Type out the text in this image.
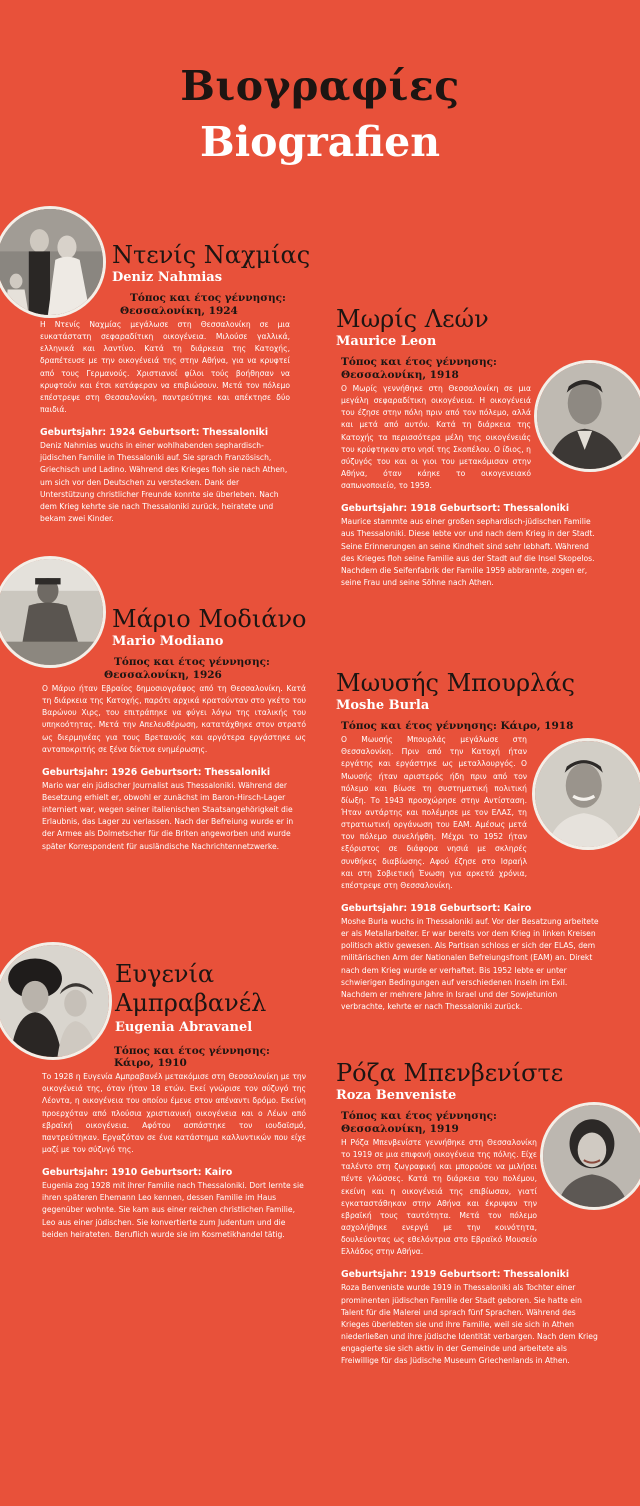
Βιογραφίες
Biografien
Ντενίς Ναχμίας
Deniz Nahmias
Τόπος και έτος γέννησης:
Θεσσαλονίκη, 1924

Η Ντενίς Ναχμίας μεγάλωσε στη Θεσσαλονίκη σε μια ευκατάστατη σεφαραδίτικη οικογένεια. Μιλούσε γαλλικά, ελληνικά και λαντίνο. Κατά τη διάρκεια της Κατοχής, δραπέτευσε με την οικογένειά της στην Αθήνα, για να κρυφτεί από τους Γερμανούς. Χριστιανοί φίλοι τούς βοήθησαν να κρυφτούν και έτσι κατάφεραν να επιβιώσουν. Μετά τον πόλεμο επέστρεψε στη Θεσσαλονίκη, παντρεύτηκε και απέκτησε δύο παιδιά.

Geburtsjahr: 1924 Geburtsort: Thessaloniki

Deniz Nahmias wuchs in einer wohlhabenden sephardisch-jüdischen Familie in Thessaloniki auf. Sie sprach Französisch, Griechisch und Ladino. Während des Krieges floh sie nach Athen, um sich vor den Deutschen zu verstecken. Dank der Unterstützung christlicher Freunde konnte sie überleben. Nach dem Krieg kehrte sie nach Thessaloniki zurück, heiratete und bekam zwei Kinder.

Μωρίς Λεών
Maurice Leon
Τόπος και έτος γέννησης:
Θεσσαλονίκη, 1918

Ο Μωρίς γεννήθηκε στη Θεσσαλονίκη σε μια μεγάλη σεφαραδίτικη οικογένεια. Η οικογένειά του έζησε στην πόλη πριν από τον πόλεμο, αλλά και μετά από αυτόν. Κατά τη διάρκεια της Κατοχής τα περισσότερα μέλη της οικογένειάς του κρύφτηκαν στο νησί της Σκοπέλου. Ο ίδιος, η σύζυγός του και οι γιοι του μετακόμισαν στην Αθήνα, όταν κάηκε το οικογενειακό σαπωνοποιείο, το 1959.

Geburtsjahr: 1918 Geburtsort: Thessaloniki

Maurice stammte aus einer großen sephardisch-jüdischen Familie aus Thessaloniki. Diese lebte vor und nach dem Krieg in der Stadt. Seine Erinnerungen an seine Kindheit sind sehr lebhaft. Während des Krieges floh seine Familie aus der Stadt auf die Insel Skopelos. Nachdem die Seifenfabrik der Familie 1959 abbrannte, zogen er, seine Frau und seine Söhne nach Athen.

Μάριο Μοδιάνο
Mario Modiano
Τόπος και έτος γέννησης:
Θεσσαλονίκη, 1926

Ο Μάριο ήταν Εβραίος δημοσιογράφος από τη Θεσσαλονίκη. Κατά τη διάρκεια της Κατοχής, παρότι αρχικά κρατούνταν στο γκέτο του Βαρώνου Χιρς, του επιτράπηκε να φύγει λόγω της ιταλικής του υπηκοότητας. Μετά την Απελευθέρωση, κατατάχθηκε στον στρατό ως διερμηνέας για τους Βρετανούς και αργότερα εργάστηκε ως ανταποκριτής σε ξένα δίκτυα ενημέρωσης.

Geburtsjahr: 1926 Geburtsort: Thessaloniki

Mario war ein jüdischer Journalist aus Thessaloniki. Während der Besetzung erhielt er, obwohl er zunächst im Baron-Hirsch-Lager interniert war, wegen seiner italienischen Staatsangehörigkeit die Erlaubnis, das Lager zu verlassen. Nach der Befreiung wurde er in der Armee als Dolmetscher für die Briten angeworben und wurde später Korrespondent für ausländische Nachrichtennetzwerke.

Μωυσής Μπουρλάς
Moshe Burla
Τόπος και έτος γέννησης: Κάιρο, 1918

Ο Μωυσής Μπουρλάς μεγάλωσε στη Θεσσαλονίκη. Πριν από την Κατοχή ήταν εργάτης και εργάστηκε ως μεταλλουργός. Ο Μωυσής ήταν αριστερός ήδη πριν από τον πόλεμο και βίωσε τη συστηματική πολιτική δίωξη. Το 1943 προσχώρησε στην Αντίσταση. Ήταν αντάρτης και πολέμησε με τον ΕΛΑΣ, τη στρατιωτική οργάνωση του ΕΑΜ. Αμέσως μετά τον πόλεμο συνελήφθη. Μέχρι το 1952 ήταν εξόριστος σε διάφορα νησιά με σκληρές συνθήκες διαβίωσης. Αφού έζησε στο Ισραήλ και στη Σοβιετική Ένωση για αρκετά χρόνια, επέστρεψε στη Θεσσαλονίκη.

Geburtsjahr: 1918 Geburtsort: Kairo

Moshe Burla wuchs in Thessaloniki auf. Vor der Besatzung arbeitete er als Metallarbeiter. Er war bereits vor dem Krieg in linken Kreisen politisch aktiv gewesen. Als Partisan schloss er sich der ELAS, dem militärischen Arm der Nationalen Befreiungsfront (EAM) an. Direkt nach dem Krieg wurde er verhaftet. Bis 1952 lebte er unter schwierigen Bedingungen auf verschiedenen Inseln im Exil. Nachdem er mehrere Jahre in Israel und der Sowjetunion verbrachte, kehrte er nach Thessaloniki zurück.

Ευγενία Αμπραβανέλ
Eugenia Abravanel
Τόπος και έτος γέννησης: Κάιρο, 1910

Το 1928 η Ευγενία Αμπραβανέλ μετακόμισε στη Θεσσαλονίκη με την οικογένειά της, όταν ήταν 18 ετών. Εκεί γνώρισε τον σύζυγό της Λέοντα, η οικογένεια του οποίου έμενε στον απέναντι δρόμο. Εκείνη προερχόταν από πλούσια χριστιανική οικογένεια και ο Λέων από εβραϊκή οικογένεια. Αφότου ασπάστηκε τον ιουδαϊσμό, παντρεύτηκαν. Εργαζόταν σε ένα κατάστημα καλλυντικών που είχε μαζί με τον σύζυγό της.

Geburtsjahr: 1910 Geburtsort: Kairo

Eugenia zog 1928 mit ihrer Familie nach Thessaloniki. Dort lernte sie ihren späteren Ehemann Leo kennen, dessen Familie im Haus gegenüber wohnte. Sie kam aus einer reichen christlichen Familie, Leo aus einer jüdischen. Sie konvertierte zum Judentum und die beiden heirateten. Beruflich wurde sie im Kosmetikhandel tätig.

Ρόζα Μπενβενίστε
Roza Benveniste
Τόπος και έτος γέννησης:
Θεσσαλονίκη, 1919

Η Ρόζα Μπενβενίστε γεννήθηκε στη Θεσσαλονίκη το 1919 σε μια επιφανή οικογένεια της πόλης. Είχε ταλέντο στη ζωγραφική και μπορούσε να μιλήσει πέντε γλώσσες. Κατά τη διάρκεια του πολέμου, εκείνη και η οικογένειά της επιβίωσαν, γιατί εγκαταστάθηκαν στην Αθήνα και έκρυψαν την εβραϊκή τους ταυτότητα. Μετά τον πόλεμο ασχολήθηκε ενεργά με την κοινότητα, δουλεύοντας ως εθελόντρια στο Εβραϊκό Μουσείο Ελλάδος στην Αθήνα.

Geburtsjahr: 1919 Geburtsort: Thessaloniki

Roza Benveniste wurde 1919 in Thessaloniki als Tochter einer prominenten jüdischen Familie der Stadt geboren. Sie hatte ein Talent für die Malerei und sprach fünf Sprachen. Während des Krieges überlebten sie und ihre Familie, weil sie sich in Athen niederließen und ihre jüdische Identität verbargen. Nach dem Krieg engagierte sie sich aktiv in der Gemeinde und arbeitete als Freiwillige für das Jüdische Museum Griechenlands in Athen.
